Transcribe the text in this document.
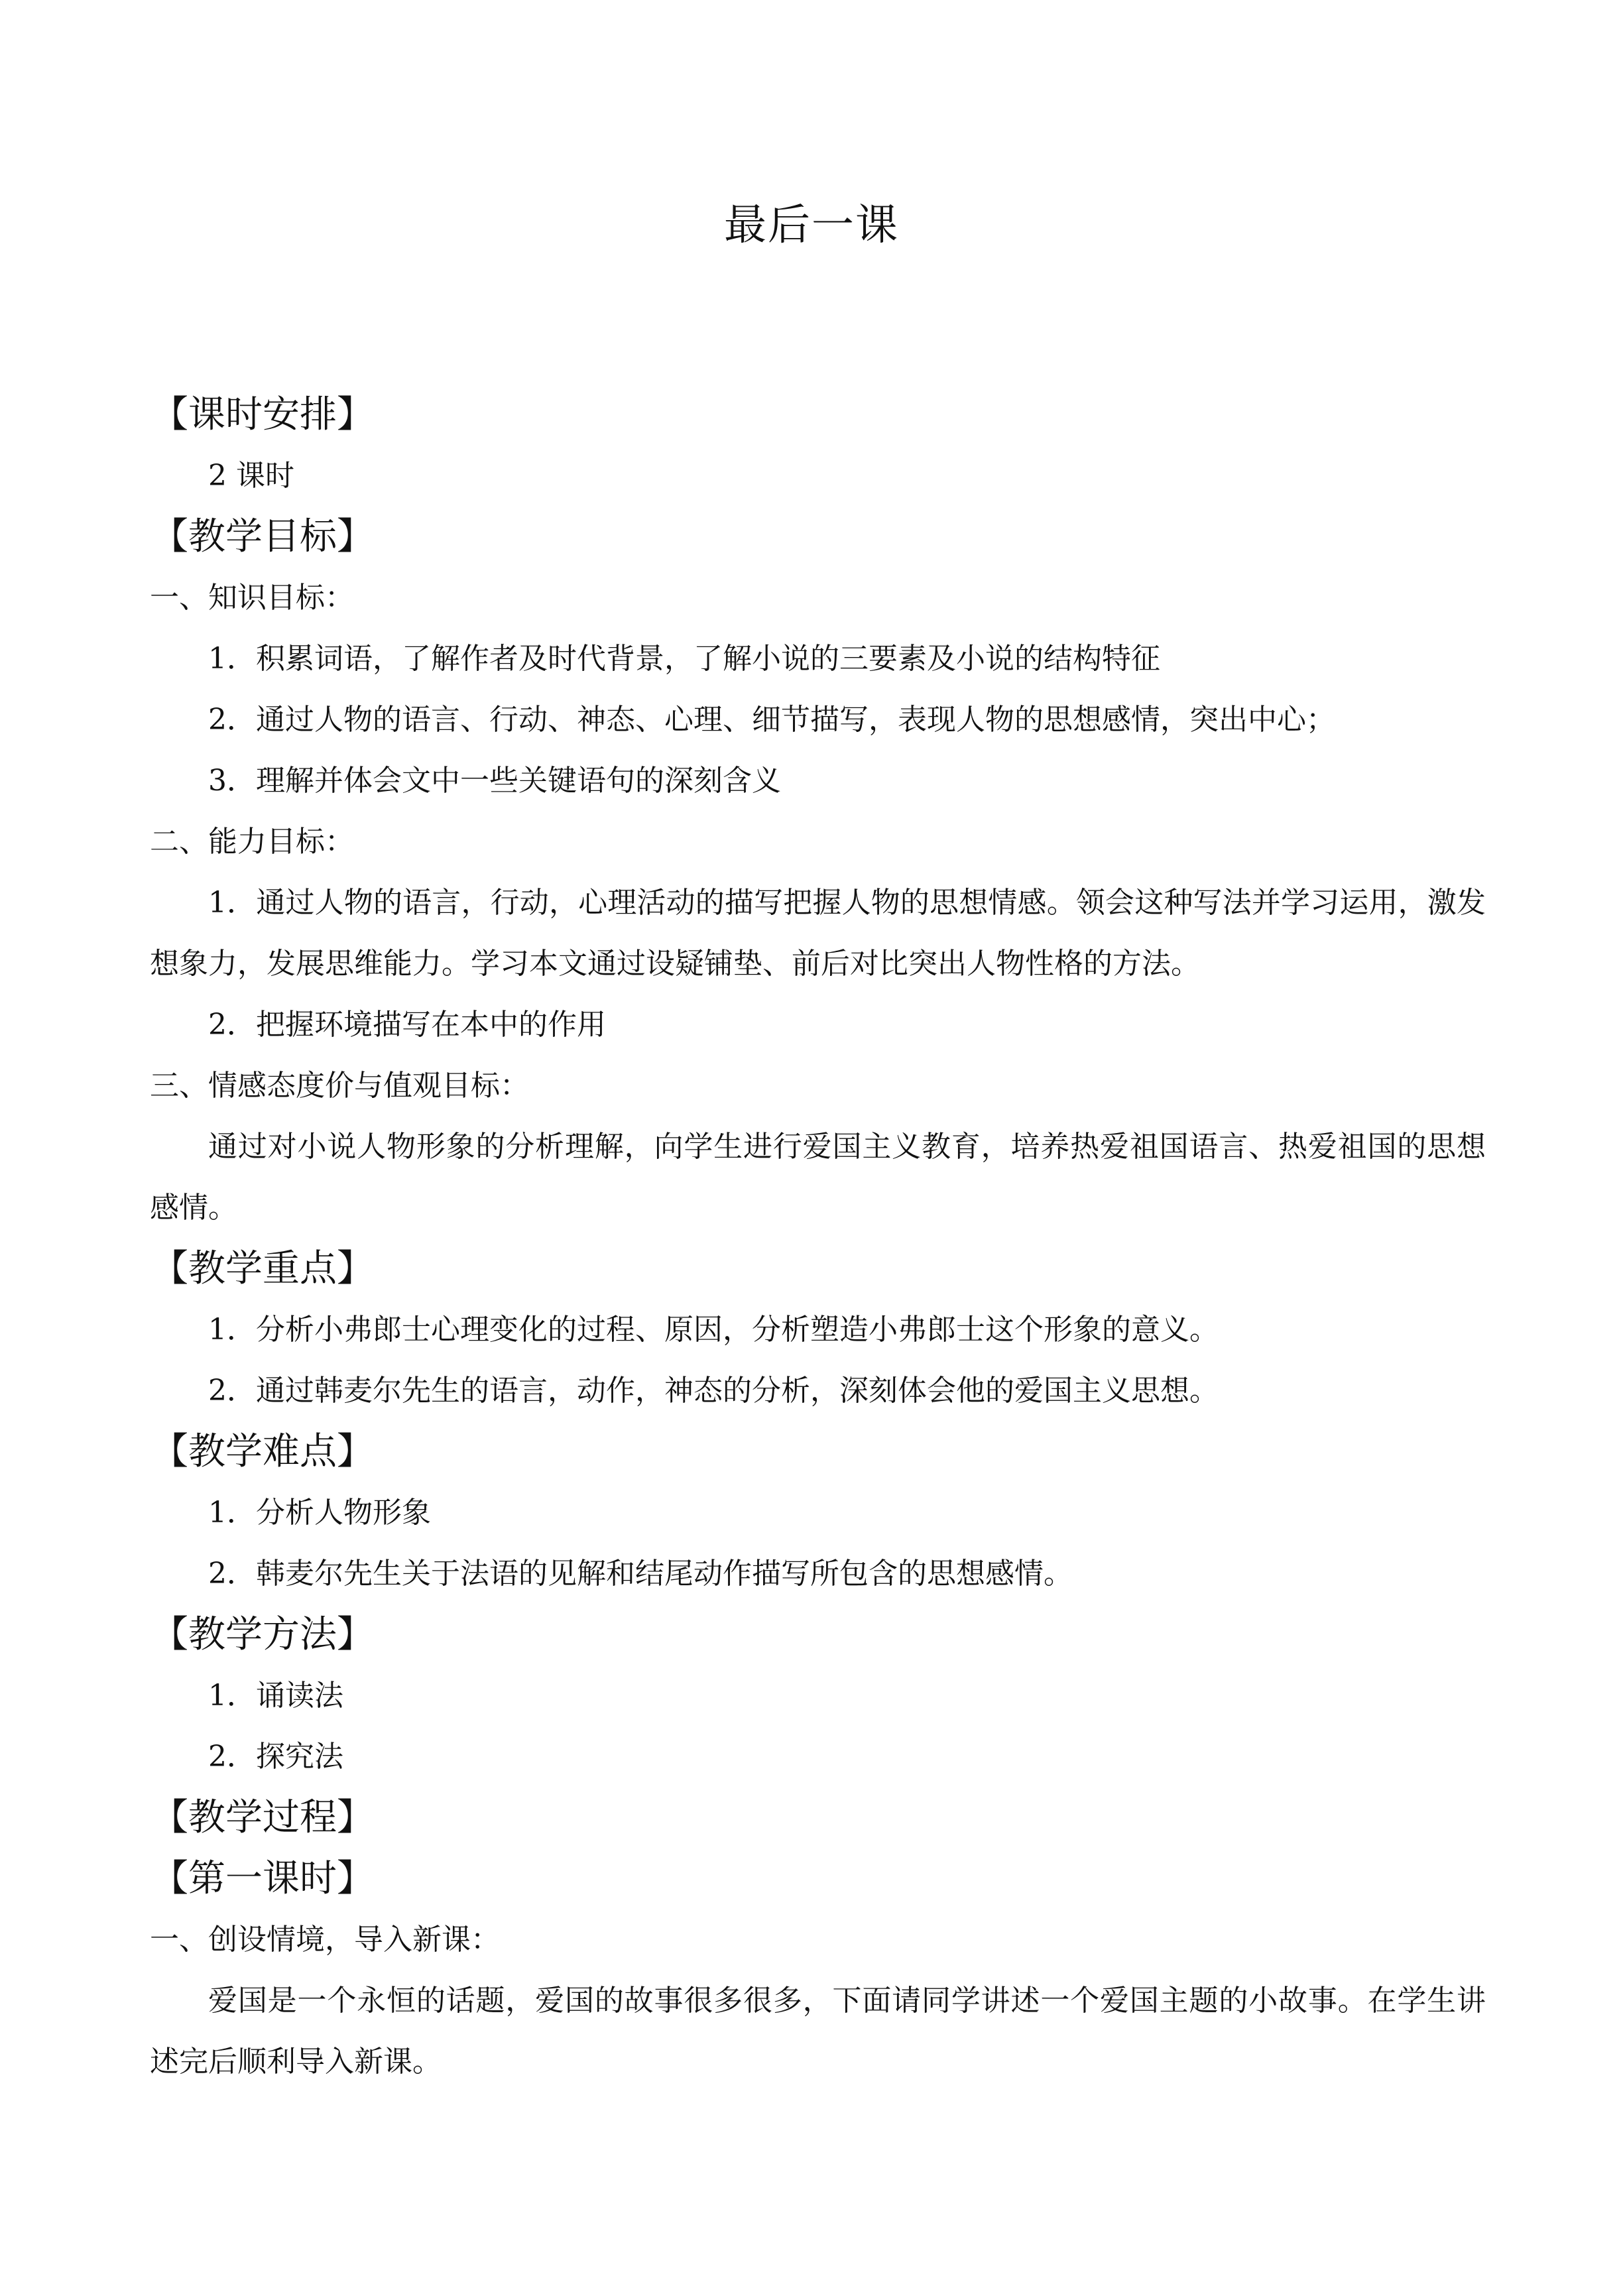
最后一课
【课时安排】
2 课时
【教学目标】
一、知识目标：
1．积累词语，了解作者及时代背景，了解小说的三要素及小说的结构特征
2．通过人物的语言、行动、神态、心理、细节描写，表现人物的思想感情，突出中心；
3．理解并体会文中一些关键语句的深刻含义
二、能力目标：
1．通过人物的语言，行动，心理活动的描写把握人物的思想情感。领会这种写法并学习运用，激发想象力，发展思维能力。学习本文通过设疑铺垫、前后对比突出人物性格的方法。
2．把握环境描写在本中的作用
三、情感态度价与值观目标：
通过对小说人物形象的分析理解，向学生进行爱国主义教育，培养热爱祖国语言、热爱祖国的思想感情。
【教学重点】
1．分析小弗郎士心理变化的过程、原因，分析塑造小弗郎士这个形象的意义。
2．通过韩麦尔先生的语言，动作，神态的分析，深刻体会他的爱国主义思想。
【教学难点】
1．分析人物形象
2．韩麦尔先生关于法语的见解和结尾动作描写所包含的思想感情。
【教学方法】
1．诵读法
2．探究法
【教学过程】
【第一课时】
一、创设情境，导入新课：
爱国是一个永恒的话题，爱国的故事很多很多，下面请同学讲述一个爱国主题的小故事。在学生讲述完后顺利导入新课。
